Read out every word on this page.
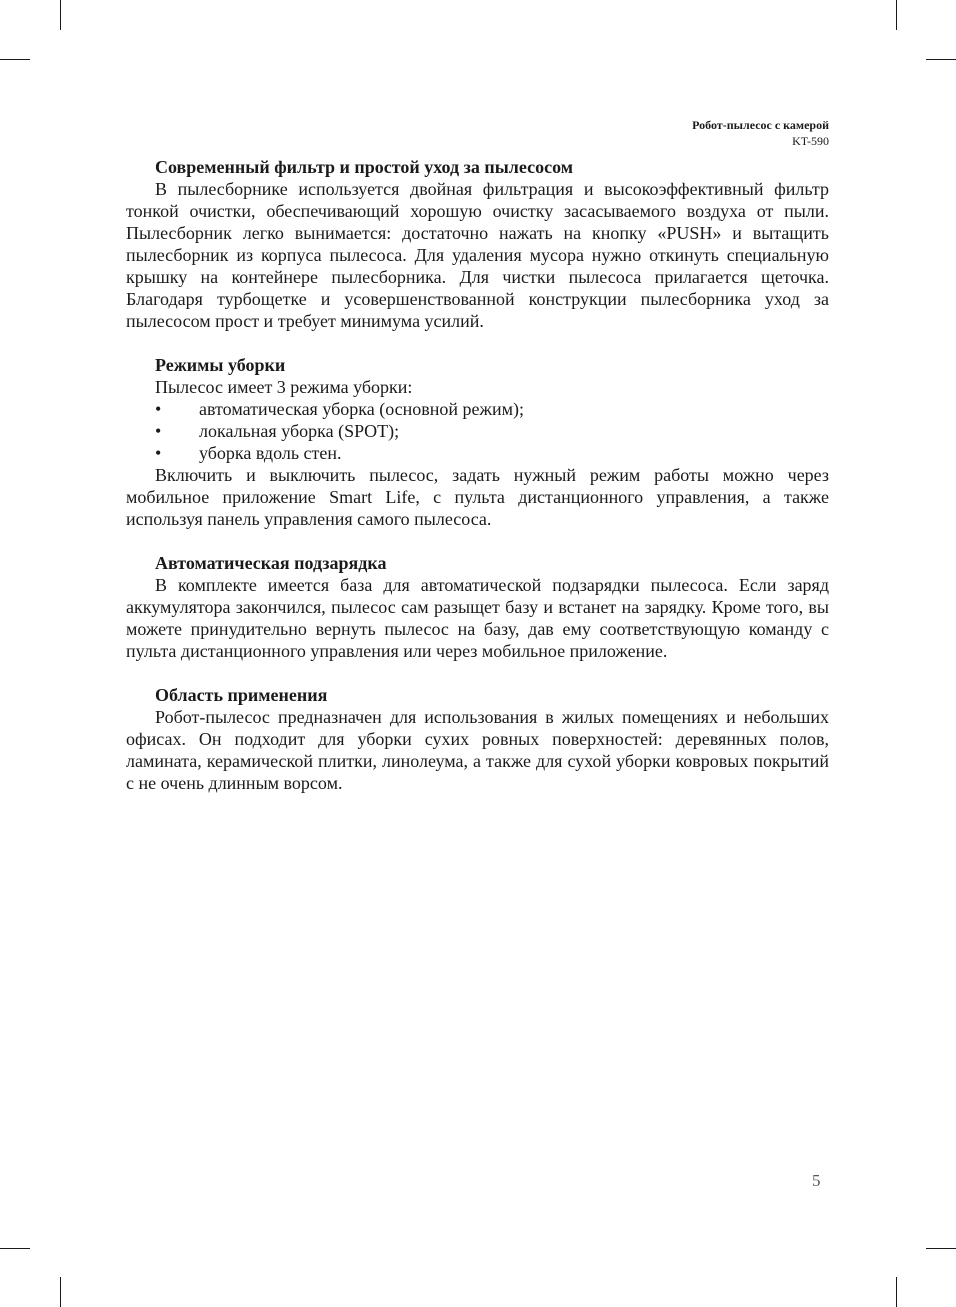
Робот-пылесос с камерой
KT-590
Современный фильтр и простой уход за пылесосом

В пылесборнике используется двойная фильтрация и высокоэффективный фильтр тонкой очистки, обеспечивающий хорошую очистку засасываемого воздуха от пыли. Пылесборник легко вынимается: достаточно нажать на кнопку «PUSH» и вытащить пылесборник из корпуса пылесоса. Для удаления мусора нужно откинуть специальную крышку на контейнере пылесборника. Для чистки пылесоса прилагается щеточка. Благодаря турбощетке и усовершенствованной конструкции пылесборника уход за пылесосом прост и требует минимума усилий.

Режимы уборки

Пылесос имеет 3 режима уборки:

• автоматическая уборка (основной режим);
• локальная уборка (SPOT);
• уборка вдоль стен.

Включить и выключить пылесос, задать нужный режим работы можно через мобильное приложение Smart Life, с пульта дистанционного управления, а также используя панель управления самого пылесоса.

Автоматическая подзарядка

В комплекте имеется база для автоматической подзарядки пылесоса. Если заряд аккумулятора закончился, пылесос сам разыщет базу и встанет на зарядку. Кроме того, вы можете принудительно вернуть пылесос на базу, дав ему соответствующую команду с пульта дистанционного управления или через мобильное приложение.

Область применения

Робот-пылесос предназначен для использования в жилых помещениях и небольших офисах. Он подходит для уборки сухих ровных поверхностей: деревянных полов, ламината, керамической плитки, линолеума, а также для сухой уборки ковровых покрытий с не очень длинным ворсом.

5
